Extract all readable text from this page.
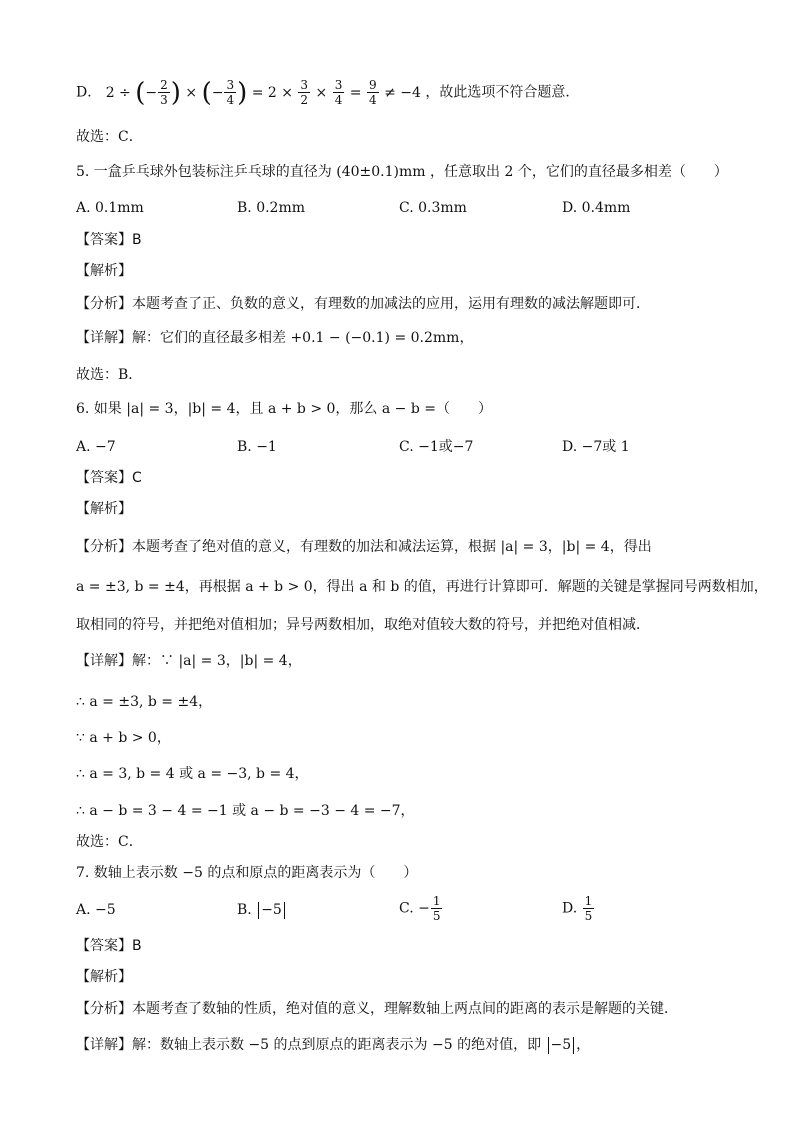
D． 2 ÷ (− $\frac{2}{3}$ ) × (− $\frac{3}{4}$ ) = $2 \times \frac{3}{2} \times \frac{3}{4} = \frac{9}{4} \ne -4$ ，故此选项不符合题意．
故选：C．
5. 一盒乒乓球外包装标注乒乓球的直径为 (40±0.1)mm ，任意取出 2 个，它们的直径最多相差（　　）
A. 0.1mm	B. 0.2mm	C. 0.3mm	D. 0.4mm
【答案】B
【解析】
【分析】本题考查了正、负数的意义，有理数的加减法的应用，运用有理数的减法解题即可．
【详解】解：它们的直径最多相差 +0.1 − (−0.1) = 0.2mm，
故选：B．
6. 如果 |a| = 3，|b| = 4，且 a + b > 0，那么 a − b =（　　）
A. −7	B. −1	C. −1或−7	D. −7或 1
【答案】C
【解析】
【分析】本题考查了绝对值的意义，有理数的加法和减法运算，根据 |a| = 3，|b| = 4，得出
a = ±3, b = ±4，再根据 a + b > 0，得出 a 和 b 的值，再进行计算即可．解题的关键是掌握同号两数相加，
取相同的符号，并把绝对值相加；异号两数相加，取绝对值较大数的符号，并把绝对值相减．
【详解】解：∵ |a| = 3，|b| = 4，
∴ a = ±3, b = ±4，
∵ a + b > 0，
∴ a = 3, b = 4 或 a = −3, b = 4，
∴ a − b = 3 − 4 = −1 或 a − b = −3 − 4 = −7，
故选：C．
7. 数轴上表示数 −5 的点和原点的距离表示为（　　）
A. −5	B. −5	C. − $\frac{1}{5}$	D. $\frac{1}{5}$
【答案】B
【解析】
【分析】本题考查了数轴的性质，绝对值的意义，理解数轴上两点间的距离的表示是解题的关键．
【详解】解：数轴上表示数 −5 的点到原点的距离表示为 −5 的绝对值，即 −5 ，
